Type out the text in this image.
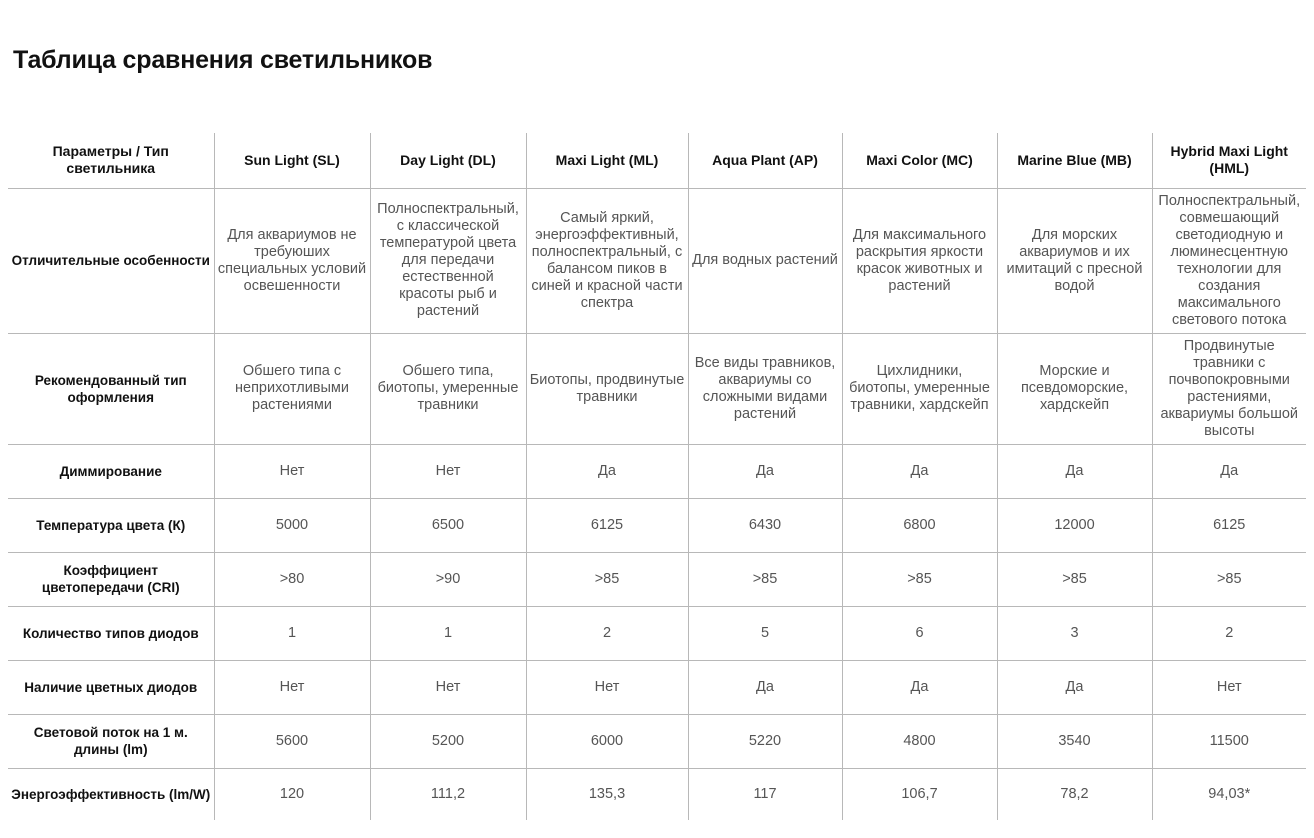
Таблица сравнения светильников
Параметры / Тип светильника	Sun Light (SL)	Day Light (DL)	Maxi Light (ML)	Aqua Plant (AP)	Maxi Color (MC)	Marine Blue (MB)	Hybrid Maxi Light (HML)
Отличительные особенности	Для аквариумов не требуюших специальных условий освешенности	Полноспектральный, с классической температурой цвета для передачи естественной красоты рыб и растений	Самый яркий, энергоэффективный, полноспектральный, с балансом пиков в синей и красной части спектра	Для водных растений	Для максимального раскрытия яркости красок животных и растений	Для морских аквариумов и их имитаций с пресной водой	Полноспектральный, совмешающий светодиодную и люминесцентную технологии для создания максимального светового потока
Рекомендованный тип оформления	Обшего типа с неприхотливыми растениями	Обшего типа, биотопы, умеренные травники	Биотопы, продвинутые травники	Все виды травников, аквариумы со сложными видами растений	Цихлидники, биотопы, умеренные травники, хардскейп	Морские и псевдоморские, хардскейп	Продвинутые травники с почвопокровными растениями, аквариумы большой высоты
Диммирование	Нет	Нет	Да	Да	Да	Да	Да
Температура цвета (К)	5000	6500	6125	6430	6800	12000	6125
Коэффициент цветопередачи (CRI)	>80	>90	>85	>85	>85	>85	>85
Количество типов диодов	1	1	2	5	6	3	2
Наличие цветных диодов	Нет	Нет	Нет	Да	Да	Да	Нет
Световой поток на 1 м. длины (lm)	5600	5200	6000	5220	4800	3540	11500
Энергоэффективность (lm/W)	120	111,2	135,3	117	106,7	78,2	94,03*
